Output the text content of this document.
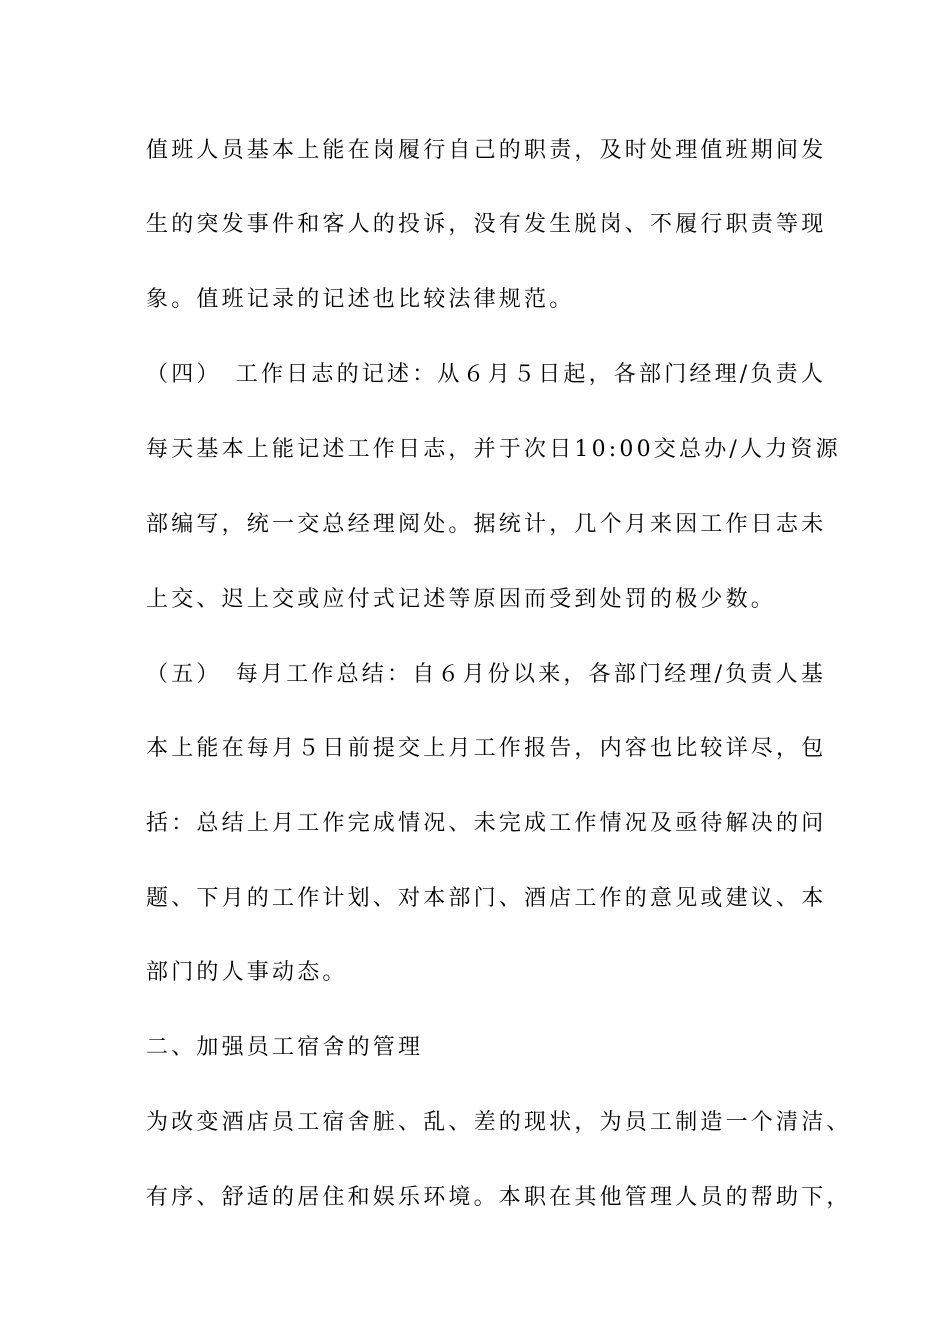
值班人员基本上能在岗履行自己的职责，及时处理值班期间发
生的突发事件和客人的投诉，没有发生脱岗、不履行职责等现
象。值班记录的记述也比较法律规范。
（四）　工作日志的记述：从６月５日起，各部门经理/负责人
每天基本上能记述工作日志，并于次日10:00交总办/人力资源
部编写，统一交总经理阅处。据统计，几个月来因工作日志未
上交、迟上交或应付式记述等原因而受到处罚的极少数。
（五）　每月工作总结：自６月份以来，各部门经理/负责人基
本上能在每月５日前提交上月工作报告，内容也比较详尽，包
括：总结上月工作完成情况、未完成工作情况及亟待解决的问
题、下月的工作计划、对本部门、酒店工作的意见或建议、本
部门的人事动态。
二、加强员工宿舍的管理
为改变酒店员工宿舍脏、乱、差的现状，为员工制造一个清洁、
有序、舒适的居住和娱乐环境。本职在其他管理人员的帮助下，
